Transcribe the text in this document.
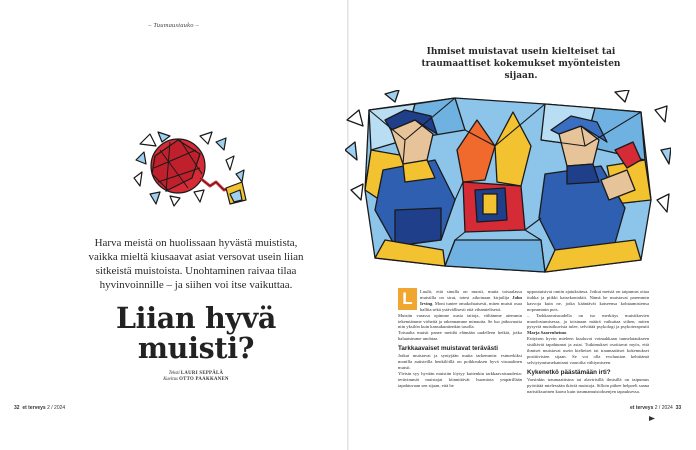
– Tuumaustauko –
Harva meistä on huolissaan hyvästä muistista, vaikka mieltä kiusaavat asiat versovat usein liian sitkeistä muistoista. Unohtaminen raivaa tilaa hyvinvoinnille – ja siihen voi itse vaikuttaa.
Liian hyvä
muisti?
Teksti LAURI SEPPÄLÄ
Kuvitus OTTO PAAKKANEN
32 et terveys 2 / 2024	et terveys 2 / 2024 33
Ihmiset muistavat usein kielteiset tai traumaattiset kokemukset myönteisten sijaan.
L	Luulit, että sinulla on muisti, mutta toisaalassa muistilla on sirut, totesi aikoinaan kirjailija John Irving. Moni tuntee omakohtaisesti, miten muisti osaa hallita sekä ystävällisesti että vihamielisesti.

Muistin varassa opimme uusia taitoja, vältämme aiemmin tekemiämme virheitä ja rakennamme minuutta. Se luo jatkuvuutta niin yksilön kuin kansakuntienkin tasolla.

Toisaalta muisti panee meidät elämään uudelleen hetkiä, jotka haluaisimme unohtaa.

Tarkkaavaiset muistavat terävästi

Jotkut muistavat ja syntyjään muita tarkemmin: esimerkiksi monilla autisteilla henkilöillä on poikkeuksen hyvä visuaalinen muisti.

Yleisin syy hyvään muistiin löytyy kuitenkin tarkkaavaisuudesta: terävimmät muistajat kiinnittävät huomiota ympärillään tapahtuvaan sen sijaan, että he

uppoutuisivat omiin ajatuksiinsa. Jotkut meistä on taipumus ottaa tiukka ja piikki katsekontaktit. Nämä he muistavat paremmin kasvoja kuin ne, jotka kääntävät katseensa kohtaamistensa nopeammin pois.

– Tarkkaavaisuudella on iso merkitys muistikuvien muodostumisessa, ja toisinaan määrä vaikuttaa siihen, miten pysyviä muistikuvista tulee, selvittää psykologi ja psykoterapeutti Marja Saarenheimo.

Erityisen hyvin mieleen kuuluvat voimakkaan tunnelataukseen sisältävät tapahtumat ja asiat. Tutkimukset osoittavat myös, että ihmiset muistavat usein kielteiset tai traumaattiset kokemukset positiivisten sijaan. Se voi olla evoluution kehittämä selviytymismekanismi vaaroilta välttymiseen.

Kykenetkö päästämään irti?

Varsinkin traumaattisina tai alavirisillä ilmisillä on taipumus pyörittää mielessään ikäviä muistoja. Silloin pitkee helpoeli saana naristiksurinen kaava kuin traumamuistoksenjen tapauksessa.
